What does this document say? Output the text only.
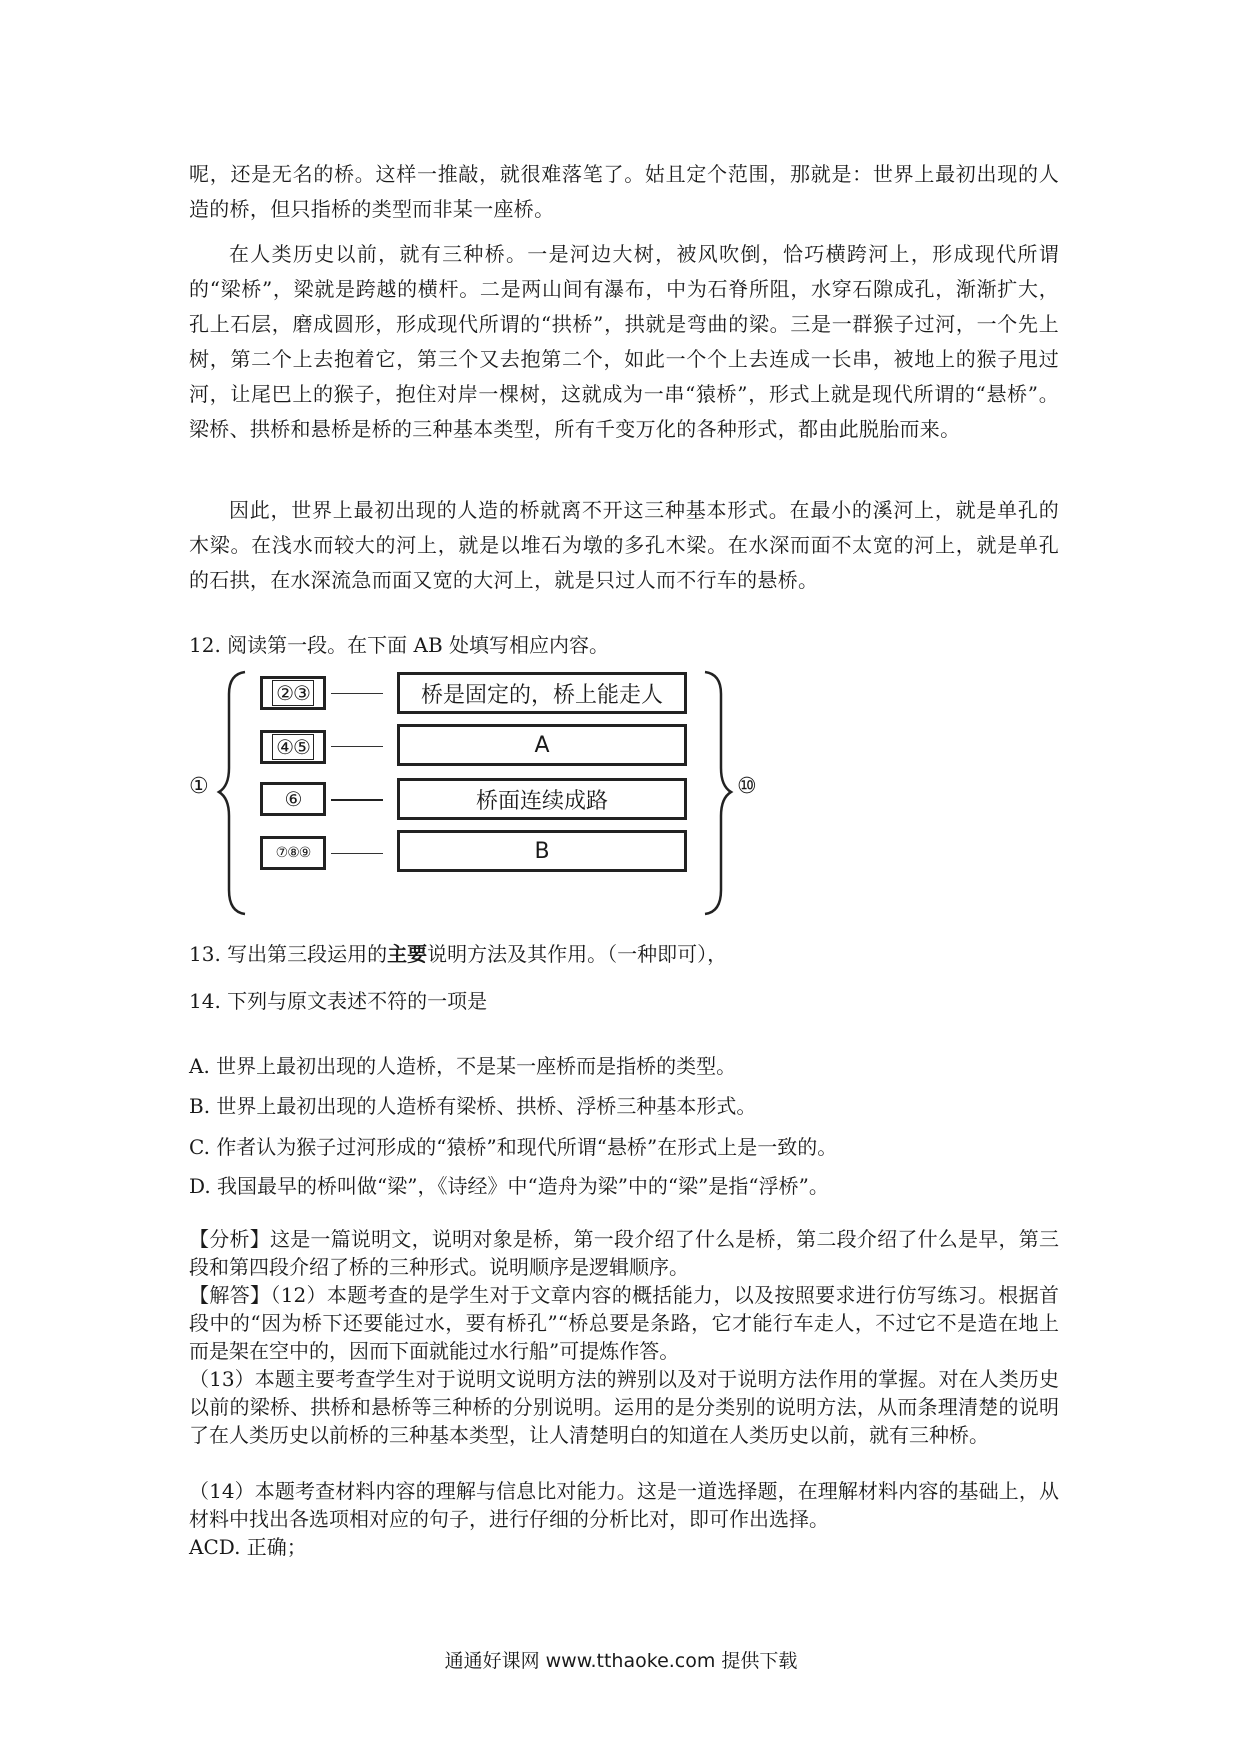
呢，还是无名的桥。这样一推敲，就很难落笔了。姑且定个范围，那就是：世界上最初出现的人造的桥，但只指桥的类型而非某一座桥。
在人类历史以前，就有三种桥。一是河边大树，被风吹倒，恰巧横跨河上，形成现代所谓的“梁桥”，梁就是跨越的横杆。二是两山间有瀑布，中为石脊所阻，水穿石隙成孔，渐渐扩大，孔上石层，磨成圆形，形成现代所谓的“拱桥”，拱就是弯曲的梁。三是一群猴子过河，一个先上树，第二个上去抱着它，第三个又去抱第二个，如此一个个上去连成一长串，被地上的猴子甩过河，让尾巴上的猴子，抱住对岸一棵树，这就成为一串“猿桥”，形式上就是现代所谓的“悬桥”。梁桥、拱桥和悬桥是桥的三种基本类型，所有千变万化的各种形式，都由此脱胎而来。
因此，世界上最初出现的人造的桥就离不开这三种基本形式。在最小的溪河上，就是单孔的木梁。在浅水而较大的河上，就是以堆石为墩的多孔木梁。在水深而面不太宽的河上，就是单孔的石拱，在水深流急而面又宽的大河上，就是只过人而不行车的悬桥。
12. 阅读第一段。在下面 AB 处填写相应内容。
①
②③	桥是固定的，桥上能走人
④⑤	A
⑥	桥面连续成路
⑦⑧⑨	B
⑩
13. 写出第三段运用的主要说明方法及其作用。（一种即可），
14. 下列与原文表述不符的一项是
A. 世界上最初出现的人造桥，不是某一座桥而是指桥的类型。
B. 世界上最初出现的人造桥有梁桥、拱桥、浮桥三种基本形式。
C. 作者认为猴子过河形成的“猿桥”和现代所谓“悬桥”在形式上是一致的。
D. 我国最早的桥叫做“梁”，《诗经》中“造舟为梁”中的“梁”是指“浮桥”。
【分析】这是一篇说明文，说明对象是桥，第一段介绍了什么是桥，第二段介绍了什么是早，第三段和第四段介绍了桥的三种形式。说明顺序是逻辑顺序。
【解答】（12）本题考查的是学生对于文章内容的概括能力，以及按照要求进行仿写练习。根据首段中的“因为桥下还要能过水，要有桥孔”“桥总要是条路，它才能行车走人，不过它不是造在地上而是架在空中的，因而下面就能过水行船”可提炼作答。
（13）本题主要考查学生对于说明文说明方法的辨别以及对于说明方法作用的掌握。对在人类历史以前的梁桥、拱桥和悬桥等三种桥的分别说明。运用的是分类别的说明方法，从而条理清楚的说明了在人类历史以前桥的三种基本类型，让人清楚明白的知道在人类历史以前，就有三种桥。
（14）本题考查材料内容的理解与信息比对能力。这是一道选择题，在理解材料内容的基础上，从材料中找出各选项相对应的句子，进行仔细的分析比对，即可作出选择。
ACD. 正确；
通通好课网 www.tthaoke.com 提供下载
